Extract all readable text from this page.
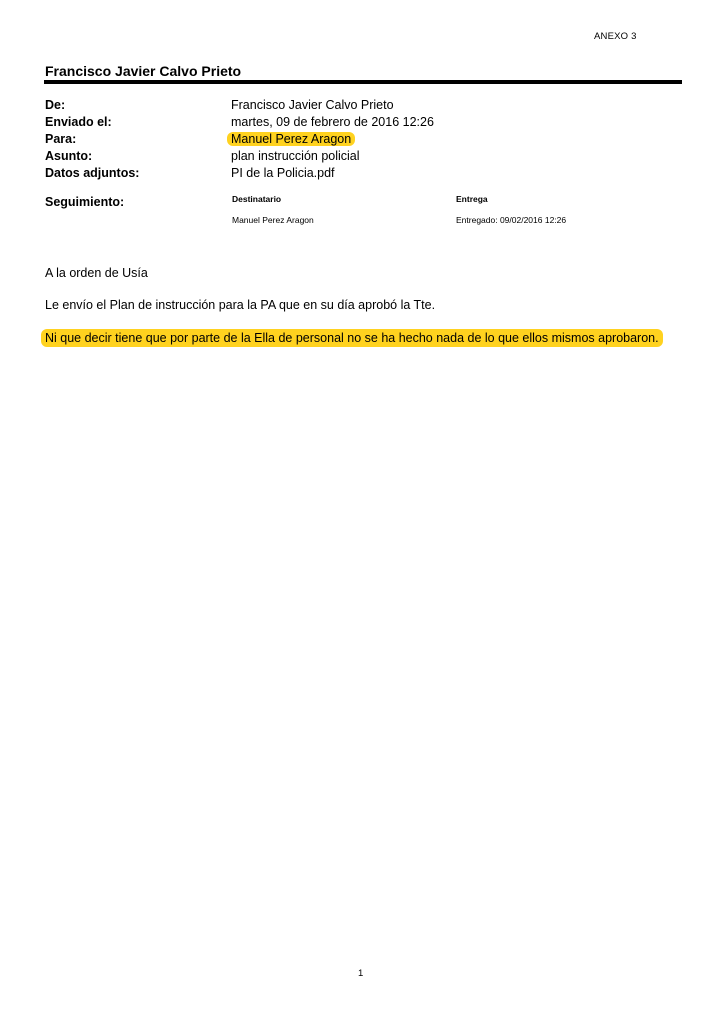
ANEXO 3
Francisco Javier Calvo Prieto
De:	Francisco Javier Calvo Prieto
Enviado el:	martes, 09 de febrero de 2016 12:26
Para:	Manuel Perez Aragon
Asunto:	plan instrucción policial
Datos adjuntos:	PI de la Policia.pdf
Seguimiento:	Destinatario	Entrega
Manuel Perez Aragon	Entregado: 09/02/2016 12:26
A la orden de Usía
Le envío el Plan de instrucción para la PA que en su día aprobó la Tte.
Ni que decir tiene que por parte de la Ella de personal no se ha hecho nada de lo que ellos mismos aprobaron.
1
